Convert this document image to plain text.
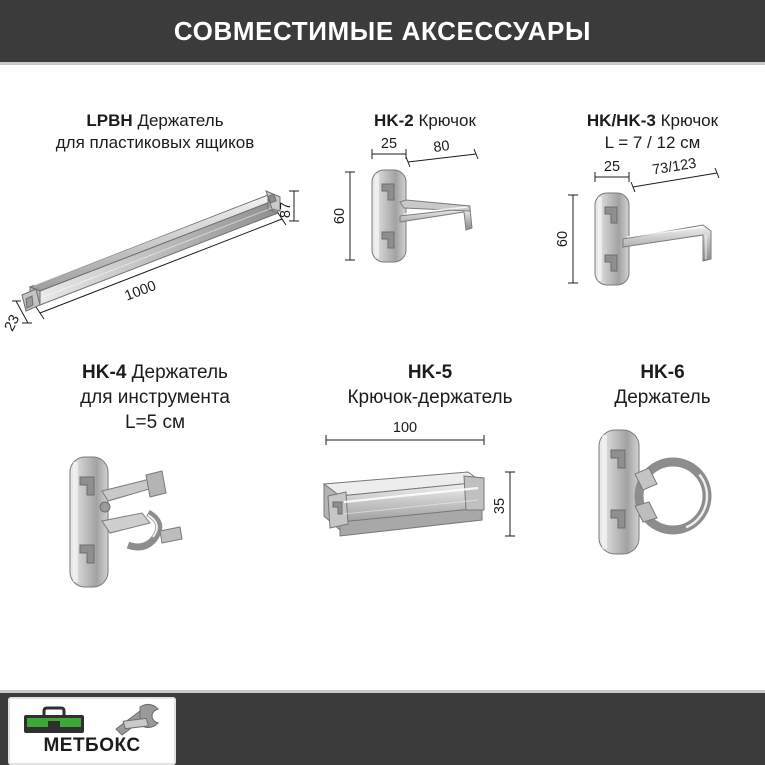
СОВМЕСТИМЫЕ АКСЕССУАРЫ
LPBH Держатель
для пластиковых ящиков
1000
87
23
HK-2 Крючок
25 80
60
HK/HK-3 Крючок
L = 7 / 12 см
25 73/123
60
HK-4 Держатель
для инструмента
L=5 см
HK-5
Крючок-держатель
100
35
HK-6
Держатель
МЕТБОКС
